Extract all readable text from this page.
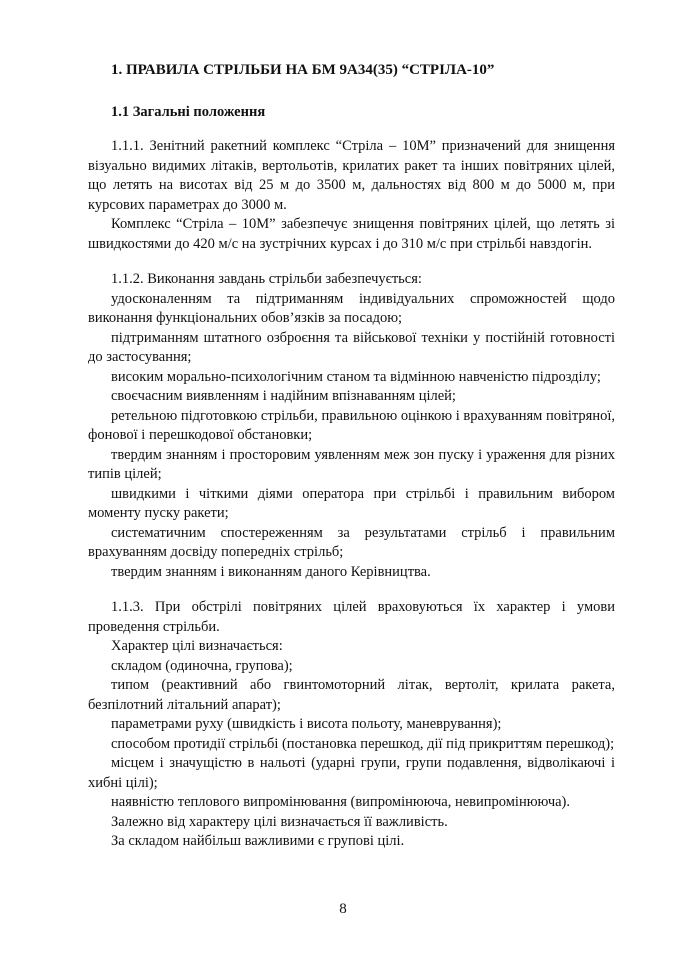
1. ПРАВИЛА СТРІЛЬБИ НА БМ 9А34(35) “СТРІЛА-10”
1.1 Загальні положення

1.1.1. Зенітний ракетний комплекс “Стріла – 10М” призначений для знищення візуально видимих літаків, вертольотів, крилатих ракет та інших повітряних цілей, що летять на висотах від 25 м до 3500 м, дальностях від 800 м до 5000 м, при курсових параметрах до 3000 м.

Комплекс “Стріла – 10М” забезпечує знищення повітряних цілей, що летять зі швидкостями до 420 м/с на зустрічних курсах і до 310 м/с при стрільбі навздогін.

1.1.2. Виконання завдань стрільби забезпечується:

удосконаленням та підтриманням індивідуальних спроможностей щодо виконання функціональних обов’язків за посадою;

підтриманням штатного озброєння та військової техніки у постійній готовності до застосування;

високим морально-психологічним станом та відмінною навченістю підрозділу;

своєчасним виявленням і надійним впізнаванням цілей;

ретельною підготовкою стрільби, правильною оцінкою і врахуванням повітряної, фонової і перешкодової обстановки;

твердим знанням і просторовим уявленням меж зон пуску і ураження для різних типів цілей;

швидкими і чіткими діями оператора при стрільбі і правильним вибором моменту пуску ракети;

систематичним спостереженням за результатами стрільб і правильним врахуванням досвіду попередніх стрільб;

твердим знанням і виконанням даного Керівництва.

1.1.3. При обстрілі повітряних цілей враховуються їх характер і умови проведення стрільби.

Характер цілі визначається:

складом (одиночна, групова);

типом (реактивний або гвинтомоторний літак, вертоліт, крилата ракета, безпілотний літальний апарат);

параметрами руху (швидкість і висота польоту, маневрування);

способом протидії стрільбі (постановка перешкод, дії під прикриттям перешкод);

місцем і значущістю в нальоті (ударні групи, групи подавлення, відволікаючі і хибні цілі);

наявністю теплового випромінювання (випромінююча, невипромінююча).

Залежно від характеру цілі визначається її важливість.

За складом найбільш важливими є групові цілі.

8
